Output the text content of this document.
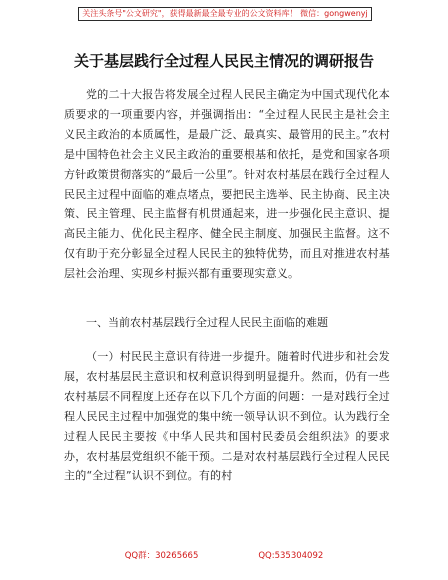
关注头条号"公文研究"，获得最新最全最专业的公文资料库！ 微信：gongwenyj
关于基层践行全过程人民民主情况的调研报告
党的二十大报告将发展全过程人民民主确定为中国式现代化本质要求的一项重要内容，并强调指出：“全过程人民民主是社会主义民主政治的本质属性，是最广泛、最真实、最管用的民主。”农村是中国特色社会主义民主政治的重要根基和依托，是党和国家各项方针政策贯彻落实的“最后一公里”。针对农村基层在践行全过程人民民主过程中面临的难点堵点，要把民主选举、民主协商、民主决策、民主管理、民主监督有机贯通起来，进一步强化民主意识、提高民主能力、优化民主程序、健全民主制度、加强民主监督。这不仅有助于充分彰显全过程人民民主的独特优势，而且对推进农村基层社会治理、实现乡村振兴都有重要现实意义。
一、当前农村基层践行全过程人民民主面临的难题
（一）村民民主意识有待进一步提升。随着时代进步和社会发展，农村基层民主意识和权利意识得到明显提升。然而，仍有一些农村基层不同程度上还存在以下几个方面的问题：一是对践行全过程人民民主过程中加强党的集中统一领导认识不到位。认为践行全过程人民民主要按《中华人民共和国村民委员会组织法》的要求办，农村基层党组织不能干预。二是对农村基层践行全过程人民民主的“全过程”认识不到位。有的村
QQ群：30265665	QQ:535304092
